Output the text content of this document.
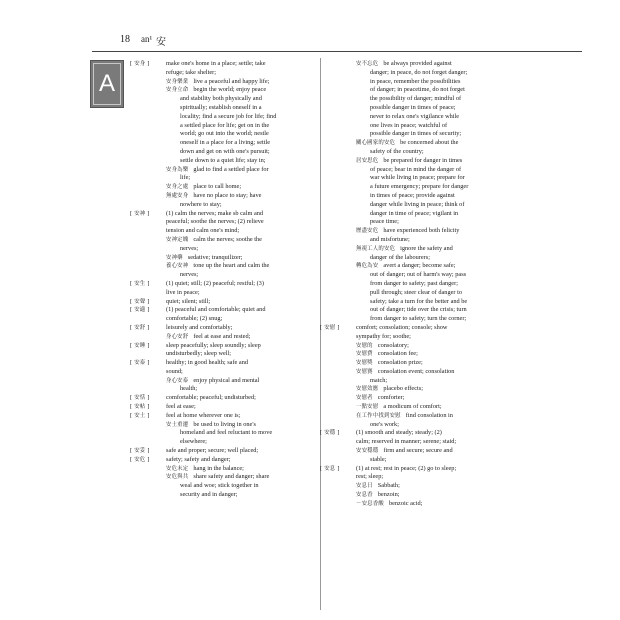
18 an¹ 安
A
[ 安身 ]	make one's home in a place; settle; take
refuge; take shelter;
安身樂業 live a peaceful and happy life;
安身立命 begin the world; enjoy peace
and stability both physically and
spiritually; establish oneself in a
locality; find a secure job for life; find
a settled place for life; get on in the
world; go out into the world; nestle
oneself in a place for a living; settle
down and get on with one's pursuit;
settle down to a quiet life; stay in;
安身為樂 glad to find a settled place for
life;
安身之處 place to call home;
無處安身 have no place to stay; have
nowhere to stay;
[ 安神 ]	(1) calm the nerves; make sb calm and
peaceful; soothe the nerves; (2) relieve
tension and calm one's mind;
安神定魄 calm the nerves; soothe the
nerves;
安神藥 sedative; tranquilizer;
養心安神 tone up the heart and calm the
nerves;
[ 安生 ]	(1) quiet; still; (2) peaceful; restful; (3)
live in peace;
[ 安聲 ]	quiet; silent; still;
[ 安適 ]	(1) peaceful and comfortable; quiet and
comfortable; (2) snug;
[ 安舒 ]	leisurely and comfortably;
身心安舒 feel at ease and rested;
[ 安睡 ]	sleep peacefully; sleep soundly; sleep
undisturbedly; sleep well;
[ 安泰 ]	healthy; in good health; safe and
sound;
身心安泰 enjoy physical and mental
health;
[ 安恬 ]	comfortable; peaceful; undisturbed;
[ 安帖 ]	feel at ease;
[ 安土 ]	feel at home wherever one is;
安土重遷 be used to living in one's
homeland and feel reluctant to move
elsewhere;
[ 安妥 ]	safe and proper; secure; well placed;
[ 安危 ]	safety; safety and danger;
安危未定 hang in the balance;
安危與共 share safety and danger; share
weal and woe; stick together in
security and in danger;
安不忘危 be always provided against
danger; in peace, do not forget danger;
in peace, remember the possibilities
of danger; in peacetime, do not forget
the possibility of danger; mindful of
possible danger in times of peace;
never to relax one's vigilance while
one lives in peace; watchful of
possible danger in times of security;
關心國家的安危 be concerned about the
safety of the country;
居安思危 be prepared for danger in times
of peace; bear in mind the danger of
war while living in peace; prepare for
a future emergency; prepare for danger
in times of peace; provide against
danger while living in peace; think of
danger in time of peace; vigilant in
peace time;
歷盡安危 have experienced both felicity
and misfortune;
無視工人的安危 ignore the safety and
danger of the labourers;
轉危為安 avert a danger; become safe;
out of danger; out of harm's way; pass
from danger to safety; past danger;
pull through; steer clear of danger to
safety; take a turn for the better and be
out of danger; tide over the crisis; turn
from danger to safety; turn the corner;
[ 安慰 ]	comfort; consolation; console; show
sympathy for; soothe;
安慰的 consolatory;
安慰費 consolation fee;
安慰獎 consolation prize;
安慰賽 consolation event; consolation
match;
安慰效應 placebo effects;
安慰者 comforter;
一點安慰 a modicum of comfort;
在工作中找到安慰 find consolation in
one's work;
[ 安穩 ]	(1) smooth and steady; steady; (2)
calm; reserved in manner; serene; staid;
安安穩穩 firm and secure; secure and
stable;
[ 安息 ]	(1) at rest; rest in peace; (2) go to sleep;
rest; sleep;
安息日 Sabbath;
安息香 benzoin;
－安息香酸 benzoic acid;
